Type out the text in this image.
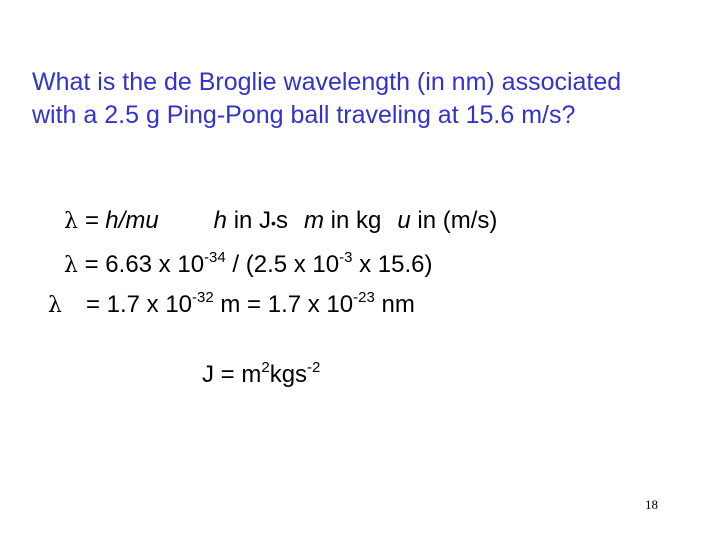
What is the de Broglie wavelength (in nm) associated
with a 2.5 g Ping-Pong ball traveling at 15.6 m/s?
λ = h/mu h in J•s m in kg u in (m/s)
λ = 6.63 x $10^{-34} / (2.5$ x $10^{-3}$ x 15.6)
λ = 1.7 x $10^{-32}$ m = 1.7 x $10^{-23}$ nm
$J = m^2kgs^{-2}$
18
